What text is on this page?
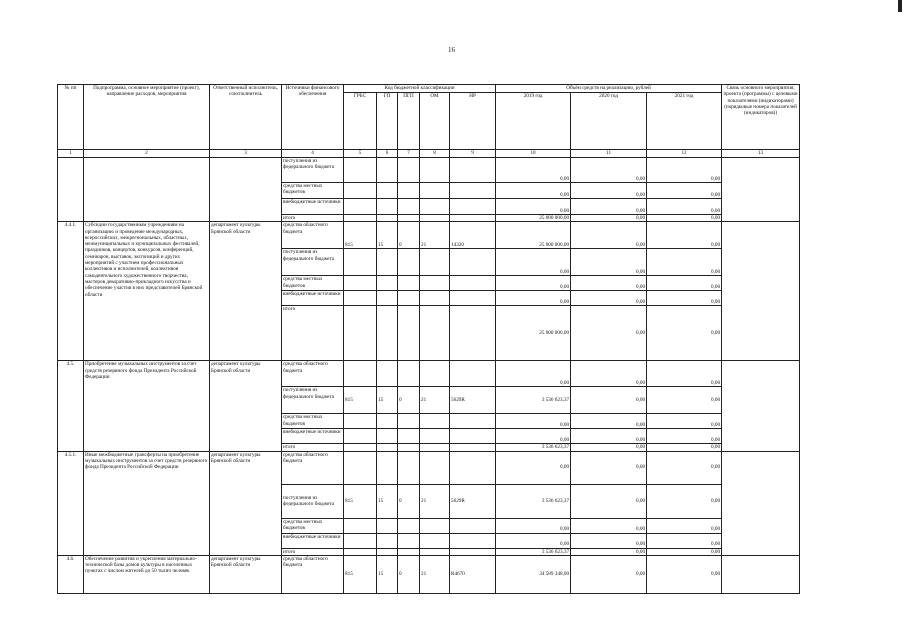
16
№ пп	Подпрограмма, основное мероприятие (проект), направление расходов, мероприятия	Ответственный исполнитель, соисполнитель	Источники финансового обеспечения	Код бюджетной классификации					Объём средств на реализацию, рублей			Связь основного мероприятия, проекта (программы) с целевыми показателями (индикаторами) (порядковые номера показателей (индикаторов))
				ГРБС	ГП	ПГП	ОМ	НР	2019 год	2020 год	2021 год	
1	2	3	4	5	6	7	8	9	10	11	12	13
			поступления из федерального бюджета						0,00	0,00	0,00	
			средства местных бюджетов						0,00	0,00	0,00	
			внебюджетные источники						0,00	0,00	0,00	
			итого						25 000 000,00	0,00	0,00	
4.4.1.	Субсидии государственным учреждениям на организацию и проведение международных, всероссийских, межрегиональных, областных, межмуниципальных и муниципальных фестивалей, праздников, концертов, конкурсов, конференций, семинаров, выставок, экспозиций и других мероприятий с участием профессиональных коллективов и исполнителей, коллективов самодеятельного художественного творчества, мастеров декоративно-прикладного искусства и обеспечение участия в них представителей Брянской области	департамент культуры Брянской области	средства областного бюджета	815	15	0	21	14320	25 000 000,00	0,00	0,00	
			поступления из федерального бюджета						0,00	0,00	0,00	
			средства местных бюджетов						0,00	0,00	0,00	
			внебюджетные источники						0,00	0,00	0,00	
			итого						25 000 000,00	0,00	0,00	
4.5.	Приобретение музыкальных инструментов за счет средств резервного фонда Президента Российской Федерации	департамент культуры Брянской области	средства областного бюджета						0,00	0,00	0,00	
			поступления из федерального бюджета	815	15	0	21	5629R	3 536 623,37	0,00	0,00	
			средства местных бюджетов						0,00	0,00	0,00	
			внебюджетные источники						0,00	0,00	0,00	
			итого						3 536 623,37	0,00	0,00	
4.5.1.	Иные межбюджетные трансферты на приобретение музыкальных инструментов за счет средств резервного фонда Президента Российской Федерации	департамент культуры Брянской области	средства областного бюджета						0,00	0,00	0,00	
			поступления из федерального бюджета	815	15	0	21	5629R	3 536 623,37	0,00	0,00	
			средства местных бюджетов						0,00	0,00	0,00	
			внебюджетные источники						0,00	0,00	0,00	
			итого						3 536 623,37	0,00	0,00	
4.6.	Обеспечение развития и укрепления материально-технической базы домов культуры в населенных пунктах с числом жителей до 50 тысяч человек	департамент культуры Брянской области	средства областного бюджета	815	15	0	21	R4670	34 589 348,00	0,00	0,00	
